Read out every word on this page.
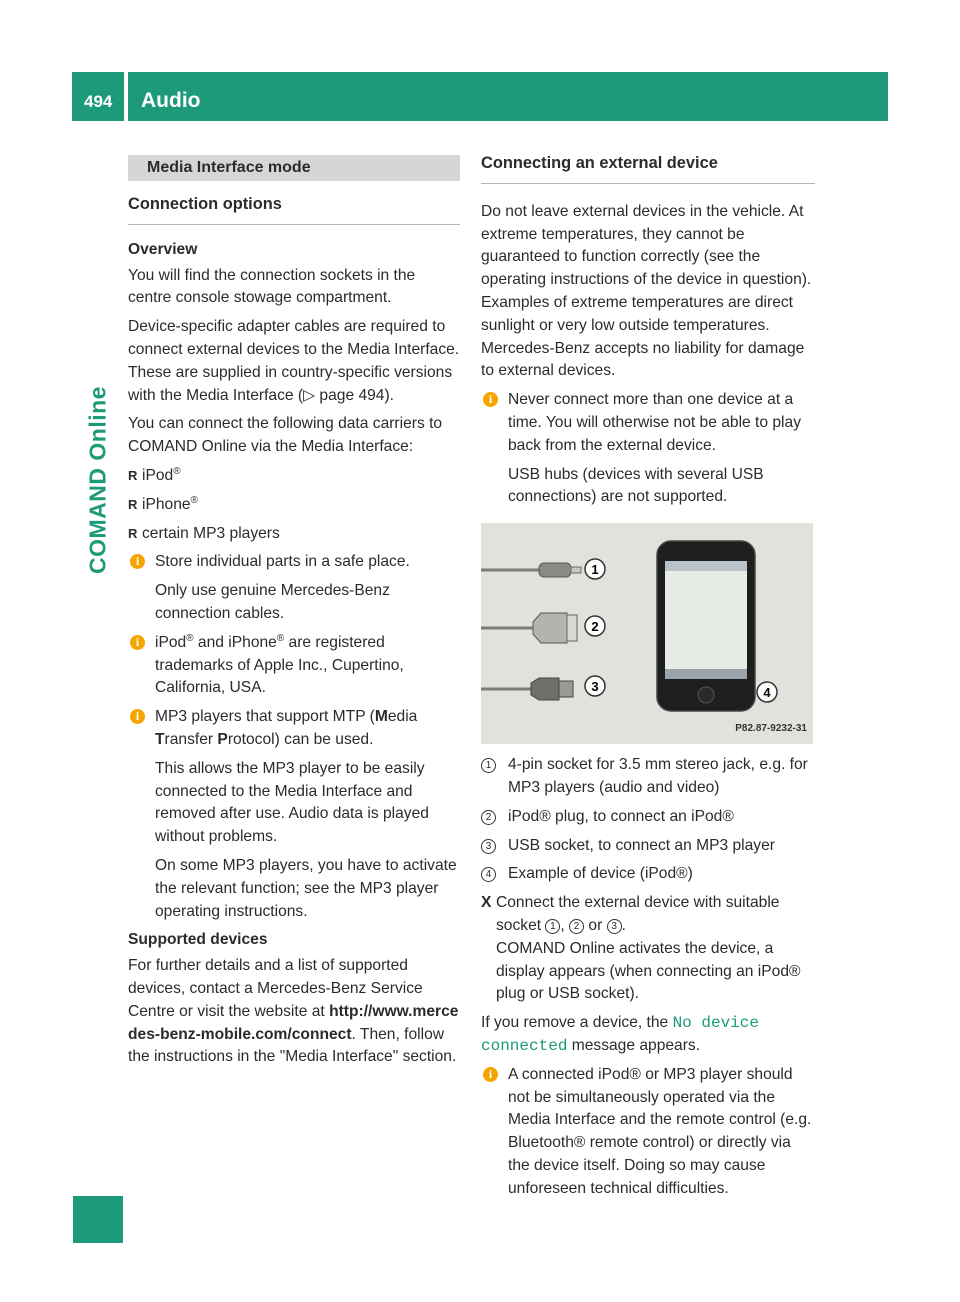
494 Audio
COMAND Online
Media Interface mode
Connection options

Overview

You will find the connection sockets in the centre console stowage compartment.

Device-specific adapter cables are required to connect external devices to the Media Interface. These are supplied in country-specific versions with the Media Interface (▷ page 494).

You can connect the following data carriers to COMAND Online via the Media Interface:

R iPod®

R iPhone®

R certain MP3 players

i	Store individual parts in a safe place.

Only use genuine Mercedes-Benz connection cables.

i	iPod® and iPhone® are registered trademarks of Apple Inc., Cupertino, California, USA.

i	MP3 players that support MTP (Media Transfer Protocol) can be used.

This allows the MP3 player to be easily connected to the Media Interface and removed after use. Audio data is played without problems.

On some MP3 players, you have to activate the relevant function; see the MP3 player operating instructions.

Supported devices

For further details and a list of supported devices, contact a Mercedes-Benz Service Centre or visit the website at http://www.mercedes-benz-mobile.com/connect. Then, follow the instructions in the "Media Interface" section.

Connecting an external device

Do not leave external devices in the vehicle. At extreme temperatures, they cannot be guaranteed to function correctly (see the operating instructions of the device in question). Examples of extreme temperatures are direct sunlight or very low outside temperatures. Mercedes-Benz accepts no liability for damage to external devices.

i	Never connect more than one device at a time. You will otherwise not be able to play back from the external device.

USB hubs (devices with several USB connections) are not supported.

1
2
3	4
P82.87-9232-31

1	4-pin socket for 3.5 mm stereo jack, e.g. for MP3 players (audio and video)

2	iPod® plug, to connect an iPod®

3	USB socket, to connect an MP3 player

4	Example of device (iPod®)

X Connect the external device with suitable socket 1 , 2 or 3 .
COMAND Online activates the device, a display appears (when connecting an iPod® plug or USB socket).

If you remove a device, the No device connected message appears.

i	A connected iPod® or MP3 player should not be simultaneously operated via the Media Interface and the remote control (e.g. Bluetooth® remote control) or directly via the device itself. Doing so may cause unforeseen technical difficulties.
